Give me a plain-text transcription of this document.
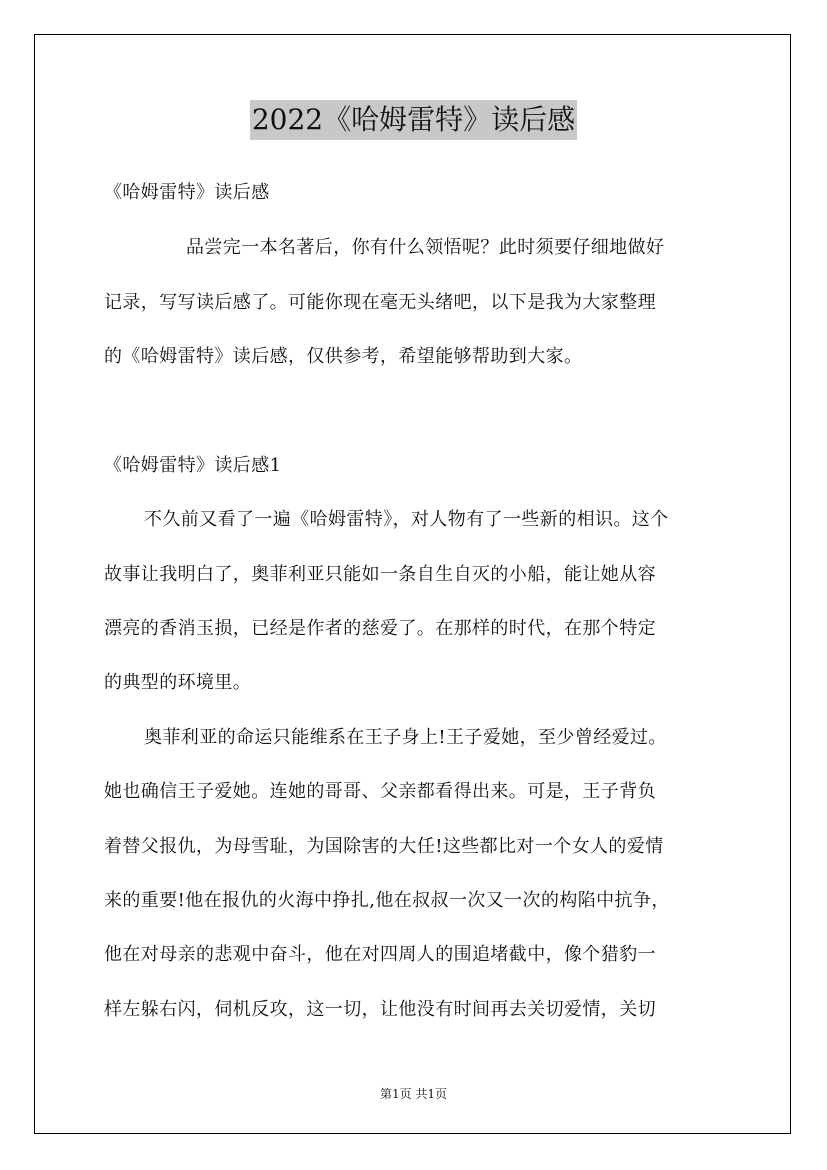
2022《哈姆雷特》读后感
《哈姆雷特》读后感
品尝完一本名著后，你有什么领悟呢？此时须要仔细地做好
记录，写写读后感了。可能你现在毫无头绪吧，以下是我为大家整理
的《哈姆雷特》读后感，仅供参考，希望能够帮助到大家。
《哈姆雷特》读后感1
不久前又看了一遍《哈姆雷特》，对人物有了一些新的相识。这个
故事让我明白了，奥菲利亚只能如一条自生自灭的小船，能让她从容
漂亮的香消玉损，已经是作者的慈爱了。在那样的时代，在那个特定
的典型的环境里。
奥菲利亚的命运只能维系在王子身上!王子爱她，至少曾经爱过。
她也确信王子爱她。连她的哥哥、父亲都看得出来。可是，王子背负
着替父报仇，为母雪耻，为国除害的大任!这些都比对一个女人的爱情
来的重要!他在报仇的火海中挣扎,他在叔叔一次又一次的构陷中抗争，
他在对母亲的悲观中奋斗，他在对四周人的围追堵截中，像个猎豹一
样左躲右闪，伺机反攻，这一切，让他没有时间再去关切爱情，关切
第1页 共1页
